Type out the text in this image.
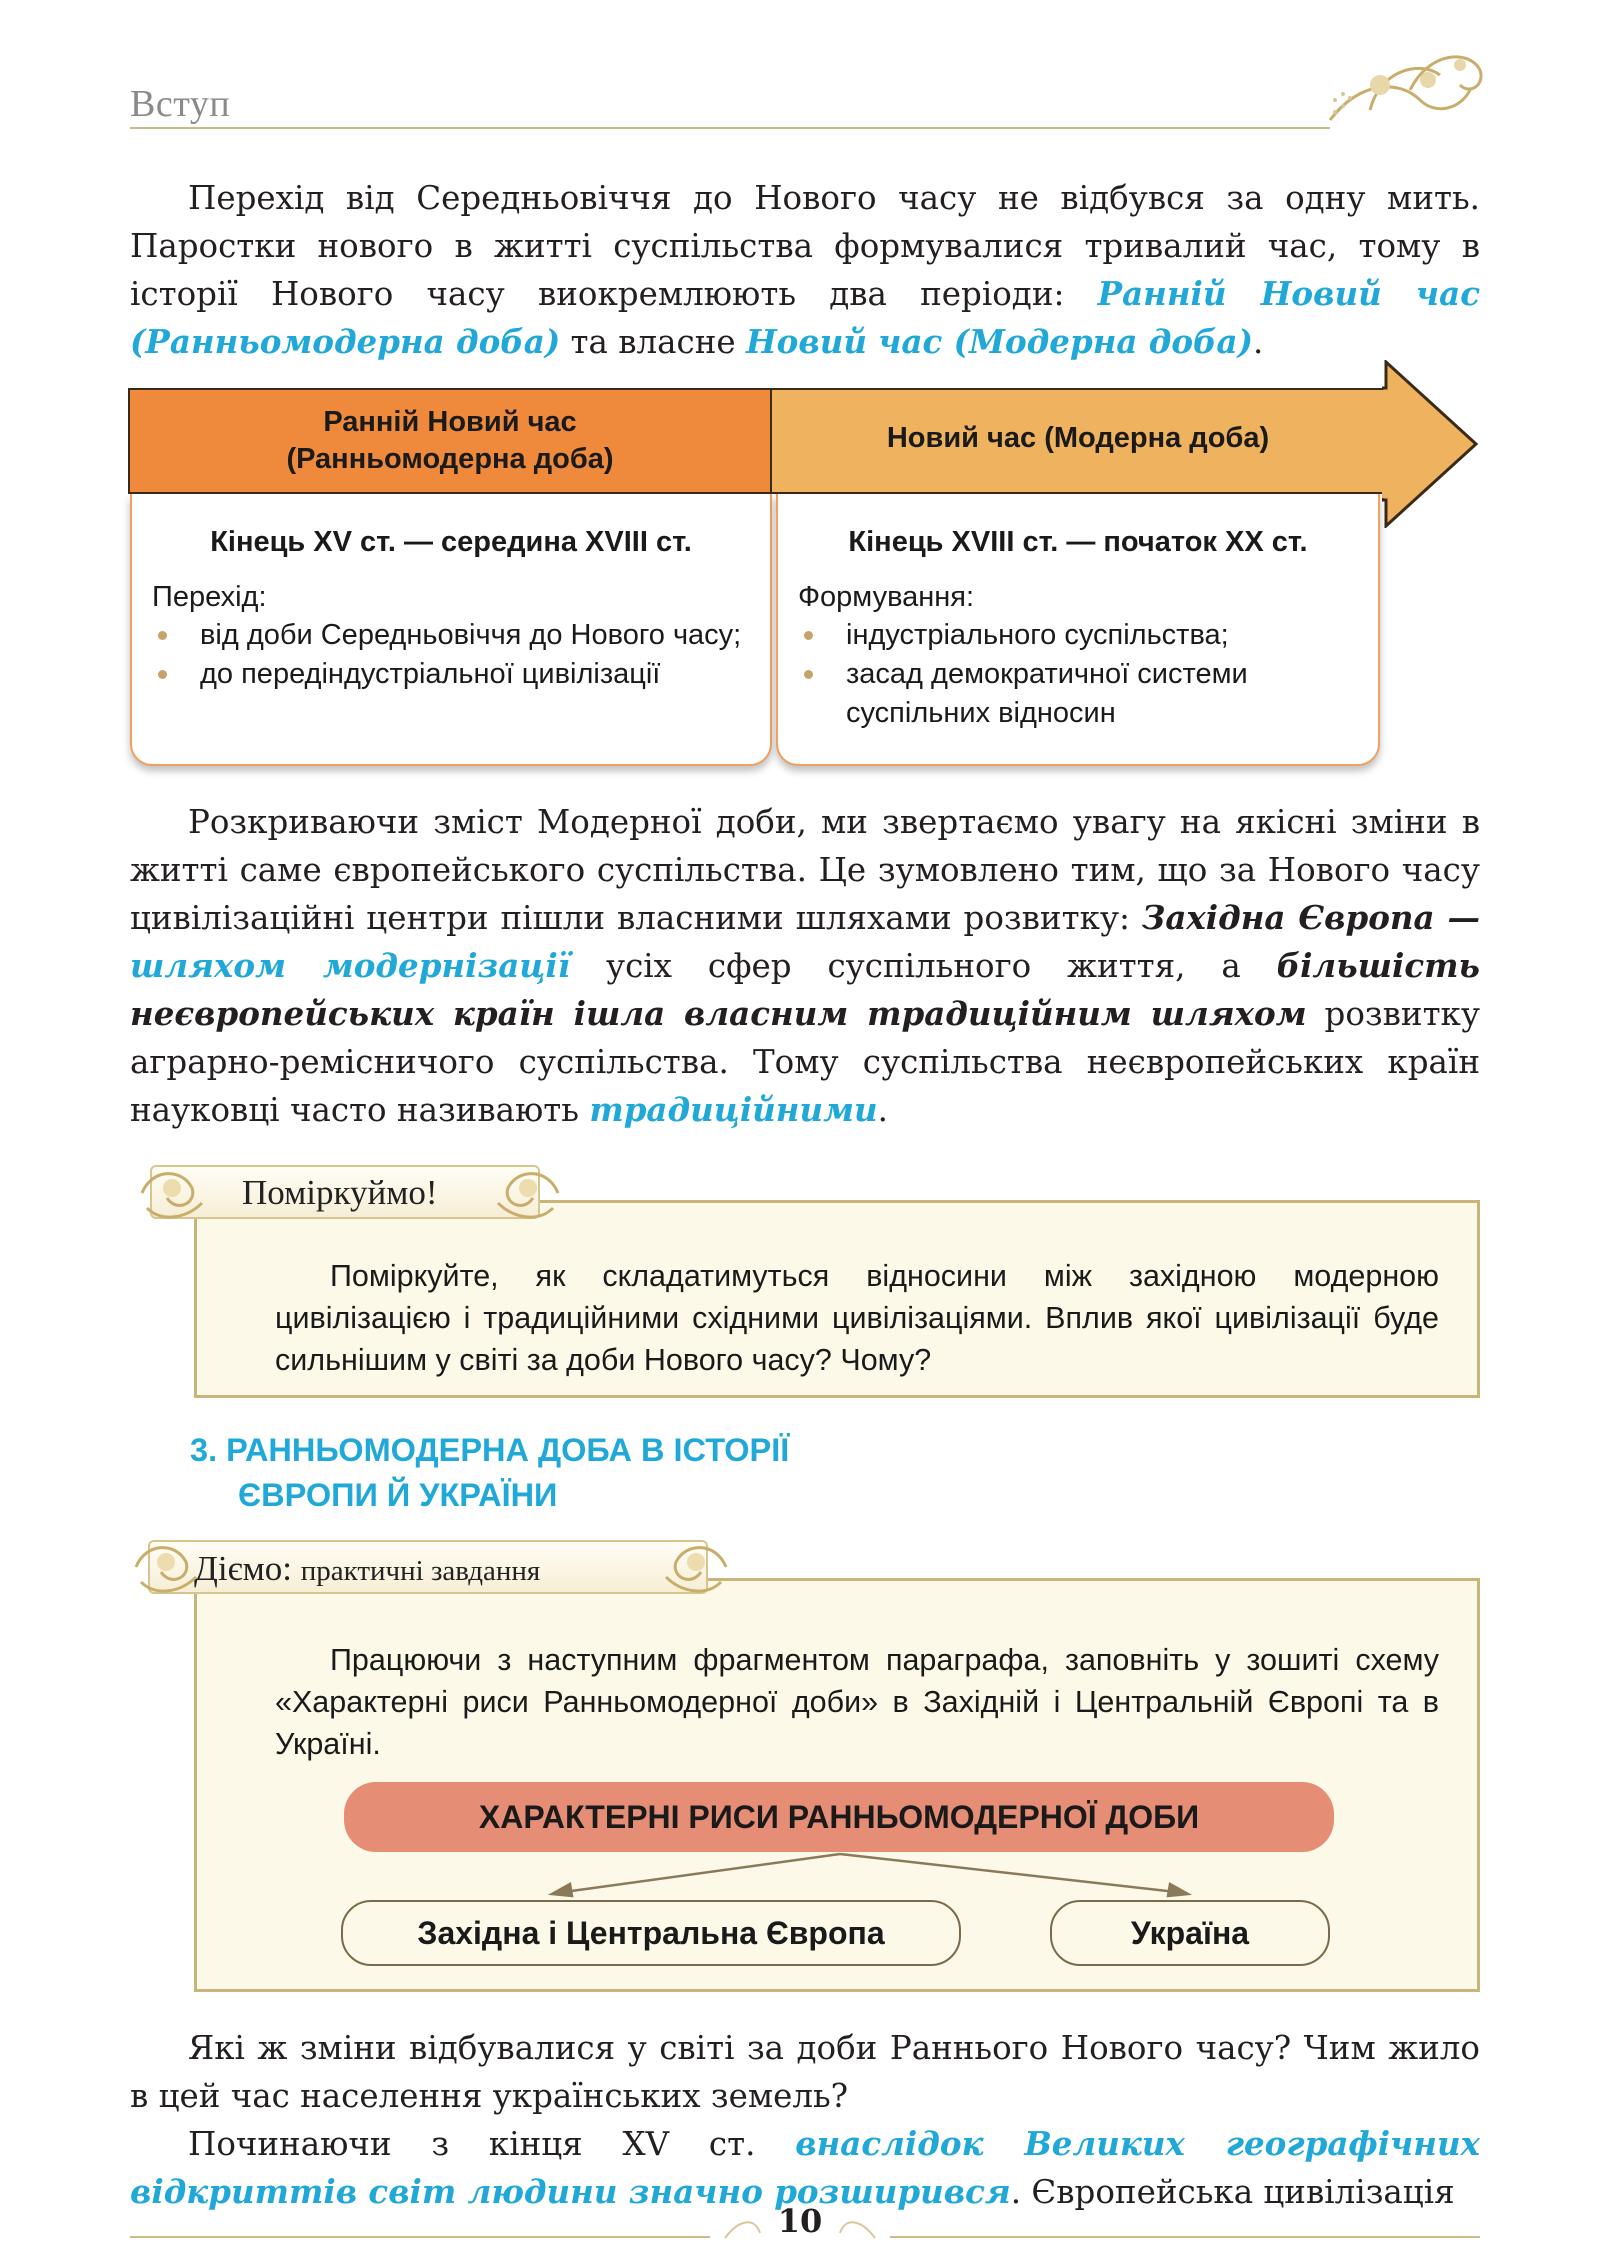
Вступ

Перехід від Середньовіччя до Нового часу не відбувся за одну мить. Паростки нового в житті суспільства формувалися тривалий час, тому в історії Нового часу виокремлюють два періоди: Ранній Новий час (Ранньомодерна доба) та власне Новий час (Модерна доба).

Ранній Новий час
(Ранньомодерна доба)
Новий час (Модерна доба)
Кінець XV ст. — середина XVIII ст.
Перехід:
від доби Середньовіччя до Нового часу;
до передіндустріальної цивілізації
Кінець XVIII ст. — початок XX ст.
Формування:
індустріального суспільства;
засад демократичної системи суспільних відносин

Розкриваючи зміст Модерної доби, ми звертаємо увагу на якісні зміни в житті саме європейського суспільства. Це зумовлено тим, що за Нового часу цивілізаційні центри пішли власними шляхами розвитку: Західна Європа — шляхом модернізації усіх сфер суспільного життя, а більшість неєвропейських країн ішла власним традиційним шляхом розвитку аграрно-ремісничого суспільства. Тому суспільства неєвропейських країн науковці часто називають традиційними.

Поміркуйте, як складатимуться відносини між західною модерною цивілізацією і традиційними східними цивілізаціями. Вплив якої цивілізації буде сильнішим у світі за доби Нового часу? Чому?
Поміркуймо!
3. РАННЬОМОДЕРНА ДОБА В ІСТОРІЇ
ЄВРОПИ Й УКРАЇНИ
Працюючи з наступним фрагментом параграфа, заповніть у зошиті схему «Характерні риси Ранньомодерної доби» в Західній і Центральній Європі та в Україні.
Діємо: практичні завдання
ХАРАКТЕРНІ РИСИ РАННЬОМОДЕРНОЇ ДОБИ
Західна і Центральна Європа	Україна

Які ж зміни відбувалися у світі за доби Раннього Нового часу? Чим жило в цей час населення українських земель?

Починаючи з кінця XV ст. внаслідок Великих географічних відкриттів світ людини значно розширився. Європейська цивілізація

10
